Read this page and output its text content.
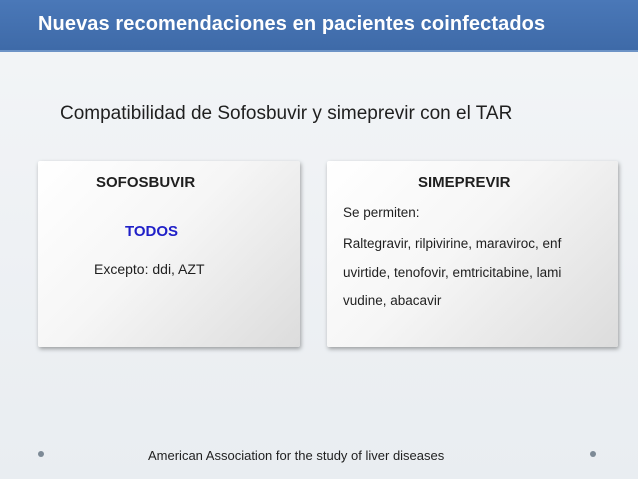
Nuevas recomendaciones en pacientes coinfectados
Compatibilidad de Sofosbuvir y simeprevir con el TAR
SOFOSBUVIR
TODOS
Excepto: ddi, AZT
SIMEPREVIR
Se permiten:
Raltegravir, rilpivirine, maraviroc, enf
uvirtide, tenofovir, emtricitabine, lami
vudine, abacavir
American Association for the study of liver diseases
